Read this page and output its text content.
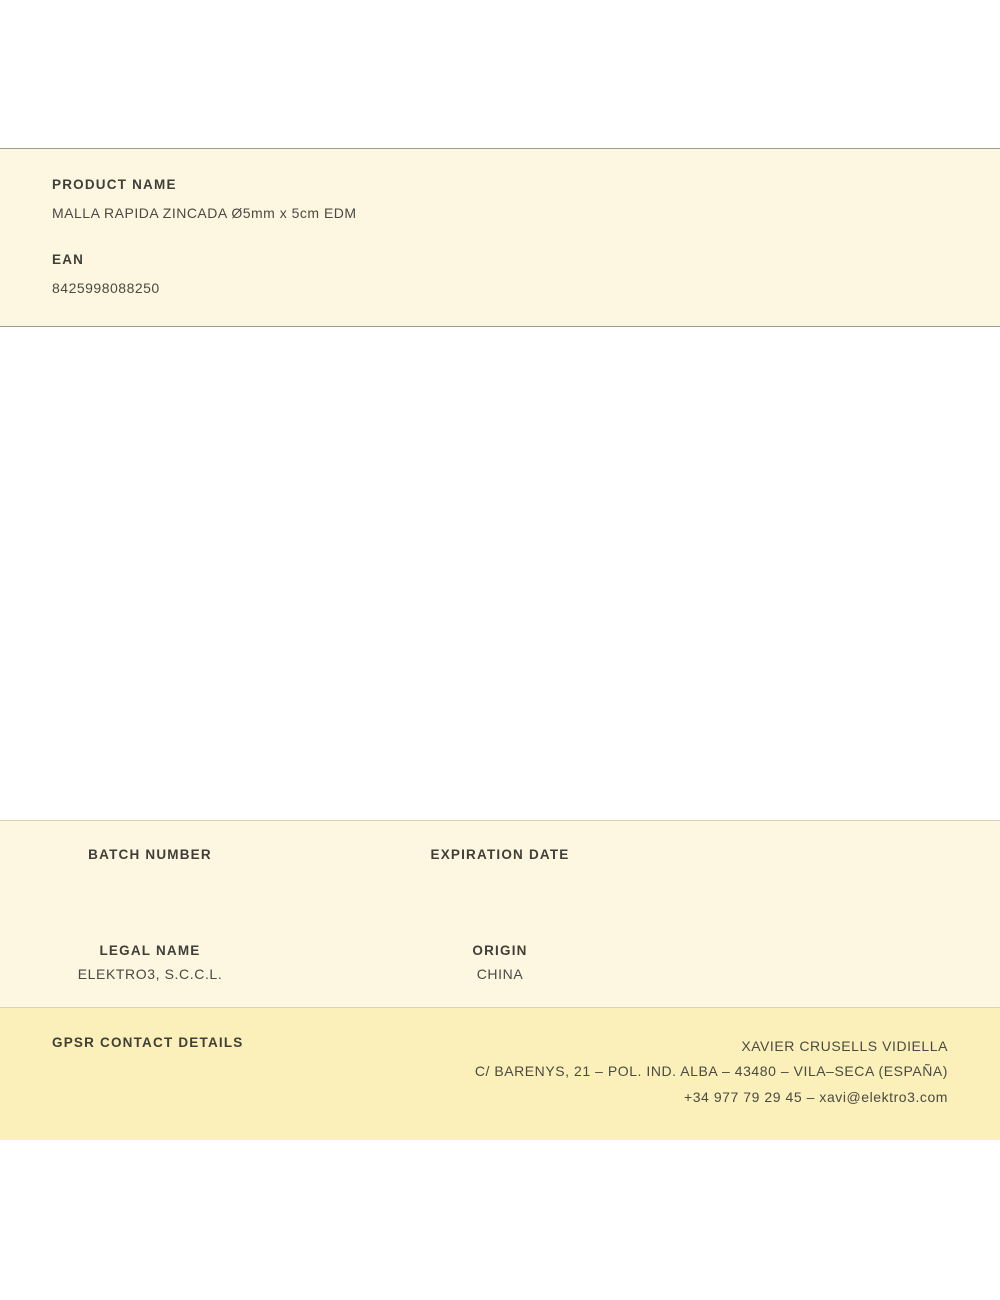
PRODUCT NAME

MALLA RAPIDA ZINCADA Ø5mm x 5cm EDM

EAN

8425998088250

BATCH NUMBER	EXPIRATION DATE

LEGAL NAME

ELEKTRO3, S.C.C.L.

ORIGIN

CHINA

GPSR CONTACT DETAILS	XAVIER CRUSELLS VIDIELLA
C/ BARENYS, 21 – POL. IND. ALBA – 43480 – VILA–SECA (ESPAÑA)
+34 977 79 29 45 – xavi@elektro3.com
